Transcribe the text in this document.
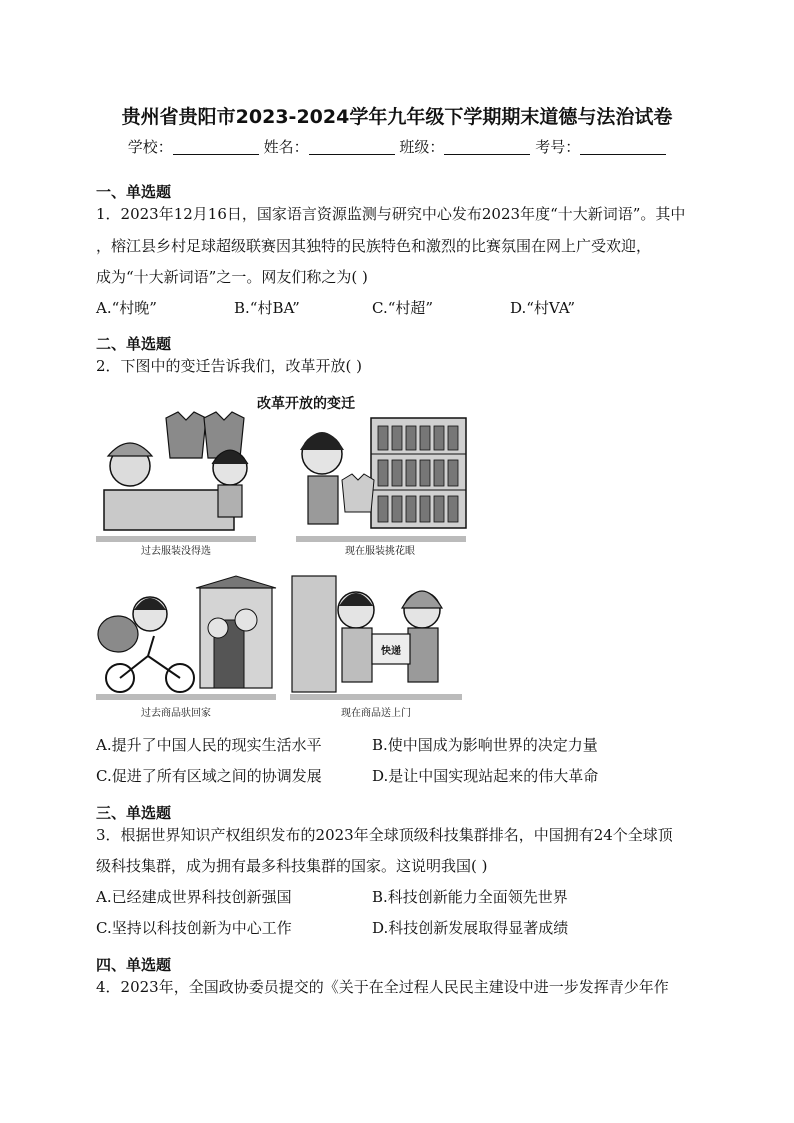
贵州省贵阳市2023-2024学年九年级下学期期末道德与法治试卷
学校：	姓名：	班级：	考号：
一、单选题
1．2023年12月16日，国家语言资源监测与研究中心发布2023年度“十大新词语”。其中
，榕江县乡村足球超级联赛因其独特的民族特色和激烈的比赛氛围在网上广受欢迎，
成为“十大新词语”之一。网友们称之为( )
A.“村晚”	B.“村BA”	C.“村超”	D.“村VA”
二、单选题
2．下图中的变迁告诉我们，改革开放( )
改革开放的变迁
过去服装没得选	现在服装挑花眼
过去商品驮回家
快递
现在商品送上门
A.提升了中国人民的现实生活水平	B.使中国成为影响世界的决定力量
C.促进了所有区域之间的协调发展	D.是让中国实现站起来的伟大革命
三、单选题
3．根据世界知识产权组织发布的2023年全球顶级科技集群排名，中国拥有24个全球顶
级科技集群，成为拥有最多科技集群的国家。这说明我国( )
A.已经建成世界科技创新强国	B.科技创新能力全面领先世界
C.坚持以科技创新为中心工作	D.科技创新发展取得显著成绩
四、单选题
4．2023年，全国政协委员提交的《关于在全过程人民民主建设中进一步发挥青少年作
